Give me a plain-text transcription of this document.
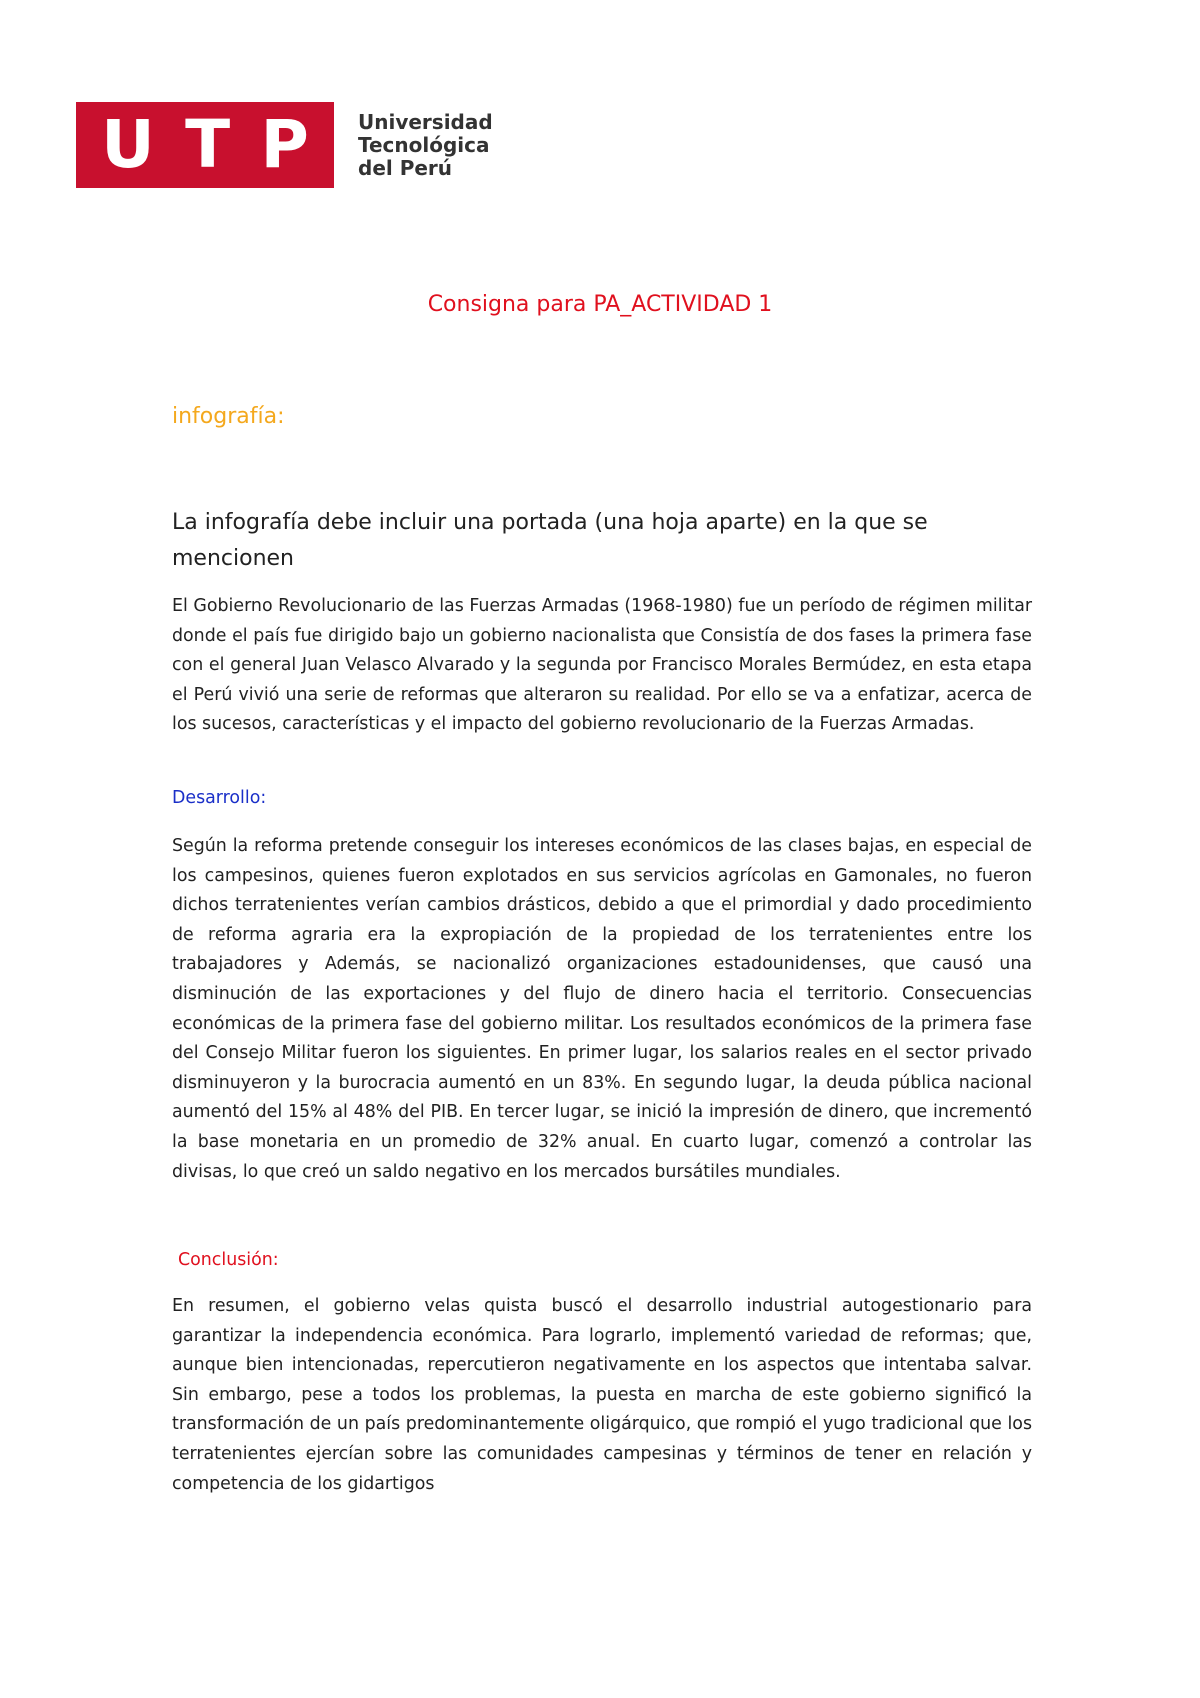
U T P Universidad
Tecnológica
del Perú
Consigna para PA_ACTIVIDAD 1
infografía:
La infografía debe incluir una portada (una hoja aparte) en la que se mencionen
El Gobierno Revolucionario de las Fuerzas Armadas (1968-1980) fue un período de régimen militar donde el país fue dirigido bajo un gobierno nacionalista que Consistía de dos fases la primera fase con el general Juan Velasco Alvarado y la segunda por Francisco Morales Bermúdez, en esta etapa el Perú vivió una serie de reformas que alteraron su realidad. Por ello se va a enfatizar, acerca de los sucesos, características y el impacto del gobierno revolucionario de la Fuerzas Armadas.
Desarrollo:
Según la reforma pretende conseguir los intereses económicos de las clases bajas, en especial de los campesinos, quienes fueron explotados en sus servicios agrícolas en Gamonales, no fueron dichos terratenientes verían cambios drásticos, debido a que el primordial y dado procedimiento de reforma agraria era la expropiación de la propiedad de los terratenientes entre los trabajadores y Además, se nacionalizó organizaciones estadounidenses, que causó una disminución de las exportaciones y del flujo de dinero hacia el territorio. Consecuencias económicas de la primera fase del gobierno militar. Los resultados económicos de la primera fase del Consejo Militar fueron los siguientes. En primer lugar, los salarios reales en el sector privado disminuyeron y la burocracia aumentó en un 83%. En segundo lugar, la deuda pública nacional aumentó del 15% al 48% del PIB. En tercer lugar, se inició la impresión de dinero, que incrementó la base monetaria en un promedio de 32% anual. En cuarto lugar, comenzó a controlar las divisas, lo que creó un saldo negativo en los mercados bursátiles mundiales.
Conclusión:
En resumen, el gobierno velas quista buscó el desarrollo industrial autogestionario para garantizar la independencia económica. Para lograrlo, implementó variedad de reformas; que, aunque bien intencionadas, repercutieron negativamente en los aspectos que intentaba salvar. Sin embargo, pese a todos los problemas, la puesta en marcha de este gobierno significó la transformación de un país predominantemente oligárquico, que rompió el yugo tradicional que los terratenientes ejercían sobre las comunidades campesinas y términos de tener en relación y competencia de los gidartigos
